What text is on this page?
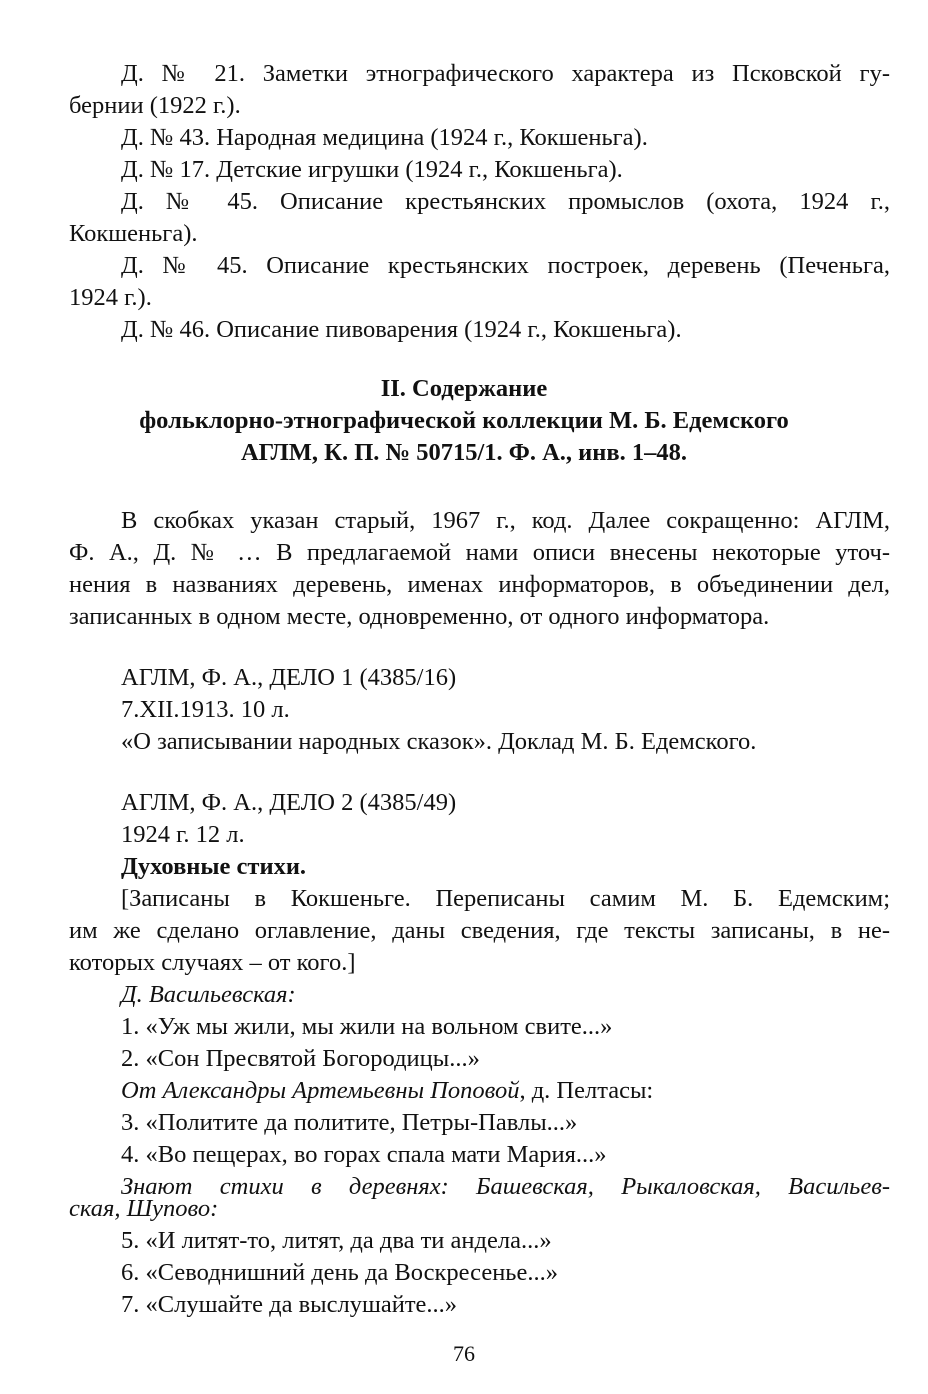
Д. № 21. Заметки этнографического характера из Псковской гу-
бернии (1922 г.).
Д. № 43. Народная медицина (1924 г., Кокшеньга).
Д. № 17. Детские игрушки (1924 г., Кокшеньга).
Д. № 45. Описание крестьянских промыслов (охота, 1924 г.,
Кокшеньга).
Д. № 45. Описание крестьянских построек, деревень (Печеньга,
1924 г.).
Д. № 46. Описание пивоварения (1924 г., Кокшеньга).
II. Содержание
фольклорно-этнографической коллекции М. Б. Едемского
АГЛМ, К. П. № 50715/1. Ф. А., инв. 1–48.
В скобках указан старый, 1967 г., код. Далее сокращенно: АГЛМ,
Ф. А., Д. № … В предлагаемой нами описи внесены некоторые уточ-
нения в названиях деревень, именах информаторов, в объединении дел,
записанных в одном месте, одновременно, от одного информатора.
АГЛМ, Ф. А., ДЕЛО 1 (4385/16)
7.XII.1913. 10 л.
«О записывании народных сказок». Доклад М. Б. Едемского.
АГЛМ, Ф. А., ДЕЛО 2 (4385/49)
1924 г. 12 л.
Духовные стихи.
[Записаны в Кокшеньге. Переписаны самим М. Б. Едемским;
им же сделано оглавление, даны сведения, где тексты записаны, в не-
которых случаях – от кого.]
Д. Васильевская:
1. «Уж мы жили, мы жили на вольном свите...»
2. «Сон Пресвятой Богородицы...»
От Александры Артемьевны Поповой, д. Пелтасы:
3. «Политите да политите, Петры-Павлы...»
4. «Во пещерах, во горах спала мати Мария...»
Знают стихи в деревнях: Башевская, Рыкаловская, Васильев-
ская, Шупово:
5. «И литят-то, литят, да два ти андела...»
6. «Севоднишний день да Воскресенье...»
7. «Слушайте да выслушайте...»
76
